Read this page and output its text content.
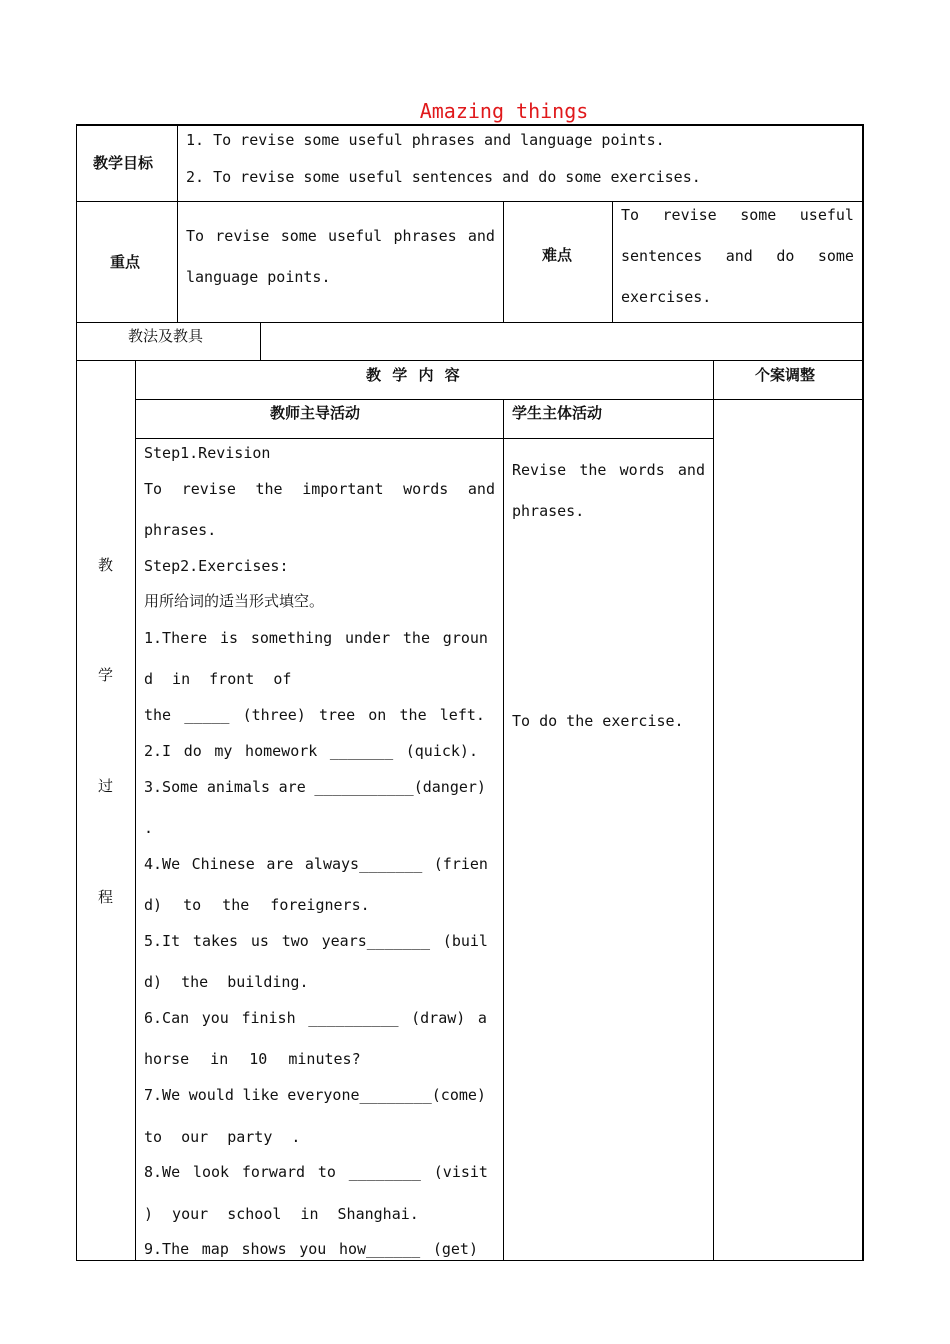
Amazing things
教学目标
1. To revise some useful phrases and language points.
2. To revise some useful sentences and do some exercises.
重点
To revise some useful phrases and
language points.
难点
To revise some useful
sentences and do some
exercises.
教法及教具
教
学
过
程
教 学 内 容	个案调整
教师主导活动	学生主体活动
Step1.Revision
To revise the important words and
phrases.
Step2.Exercises:
用所给词的适当形式填空。
1.There is something under the groun
d in front of
the _____ (three) tree on the left.
2.I do my homework _______ (quick).
3.Some animals are ___________(danger)
.
4.We Chinese are always_______ (frien
d) to the foreigners.
5.It takes us two years_______ (buil
d) the building.
6.Can you finish __________ (draw) a
horse in 10 minutes?
7.We would like everyone________(come)
to our party .
8.We look forward to ________ (visit
) your school in Shanghai.
9.The map shows you how______ (get)
Revise the words and
phrases.
To do the exercise.
